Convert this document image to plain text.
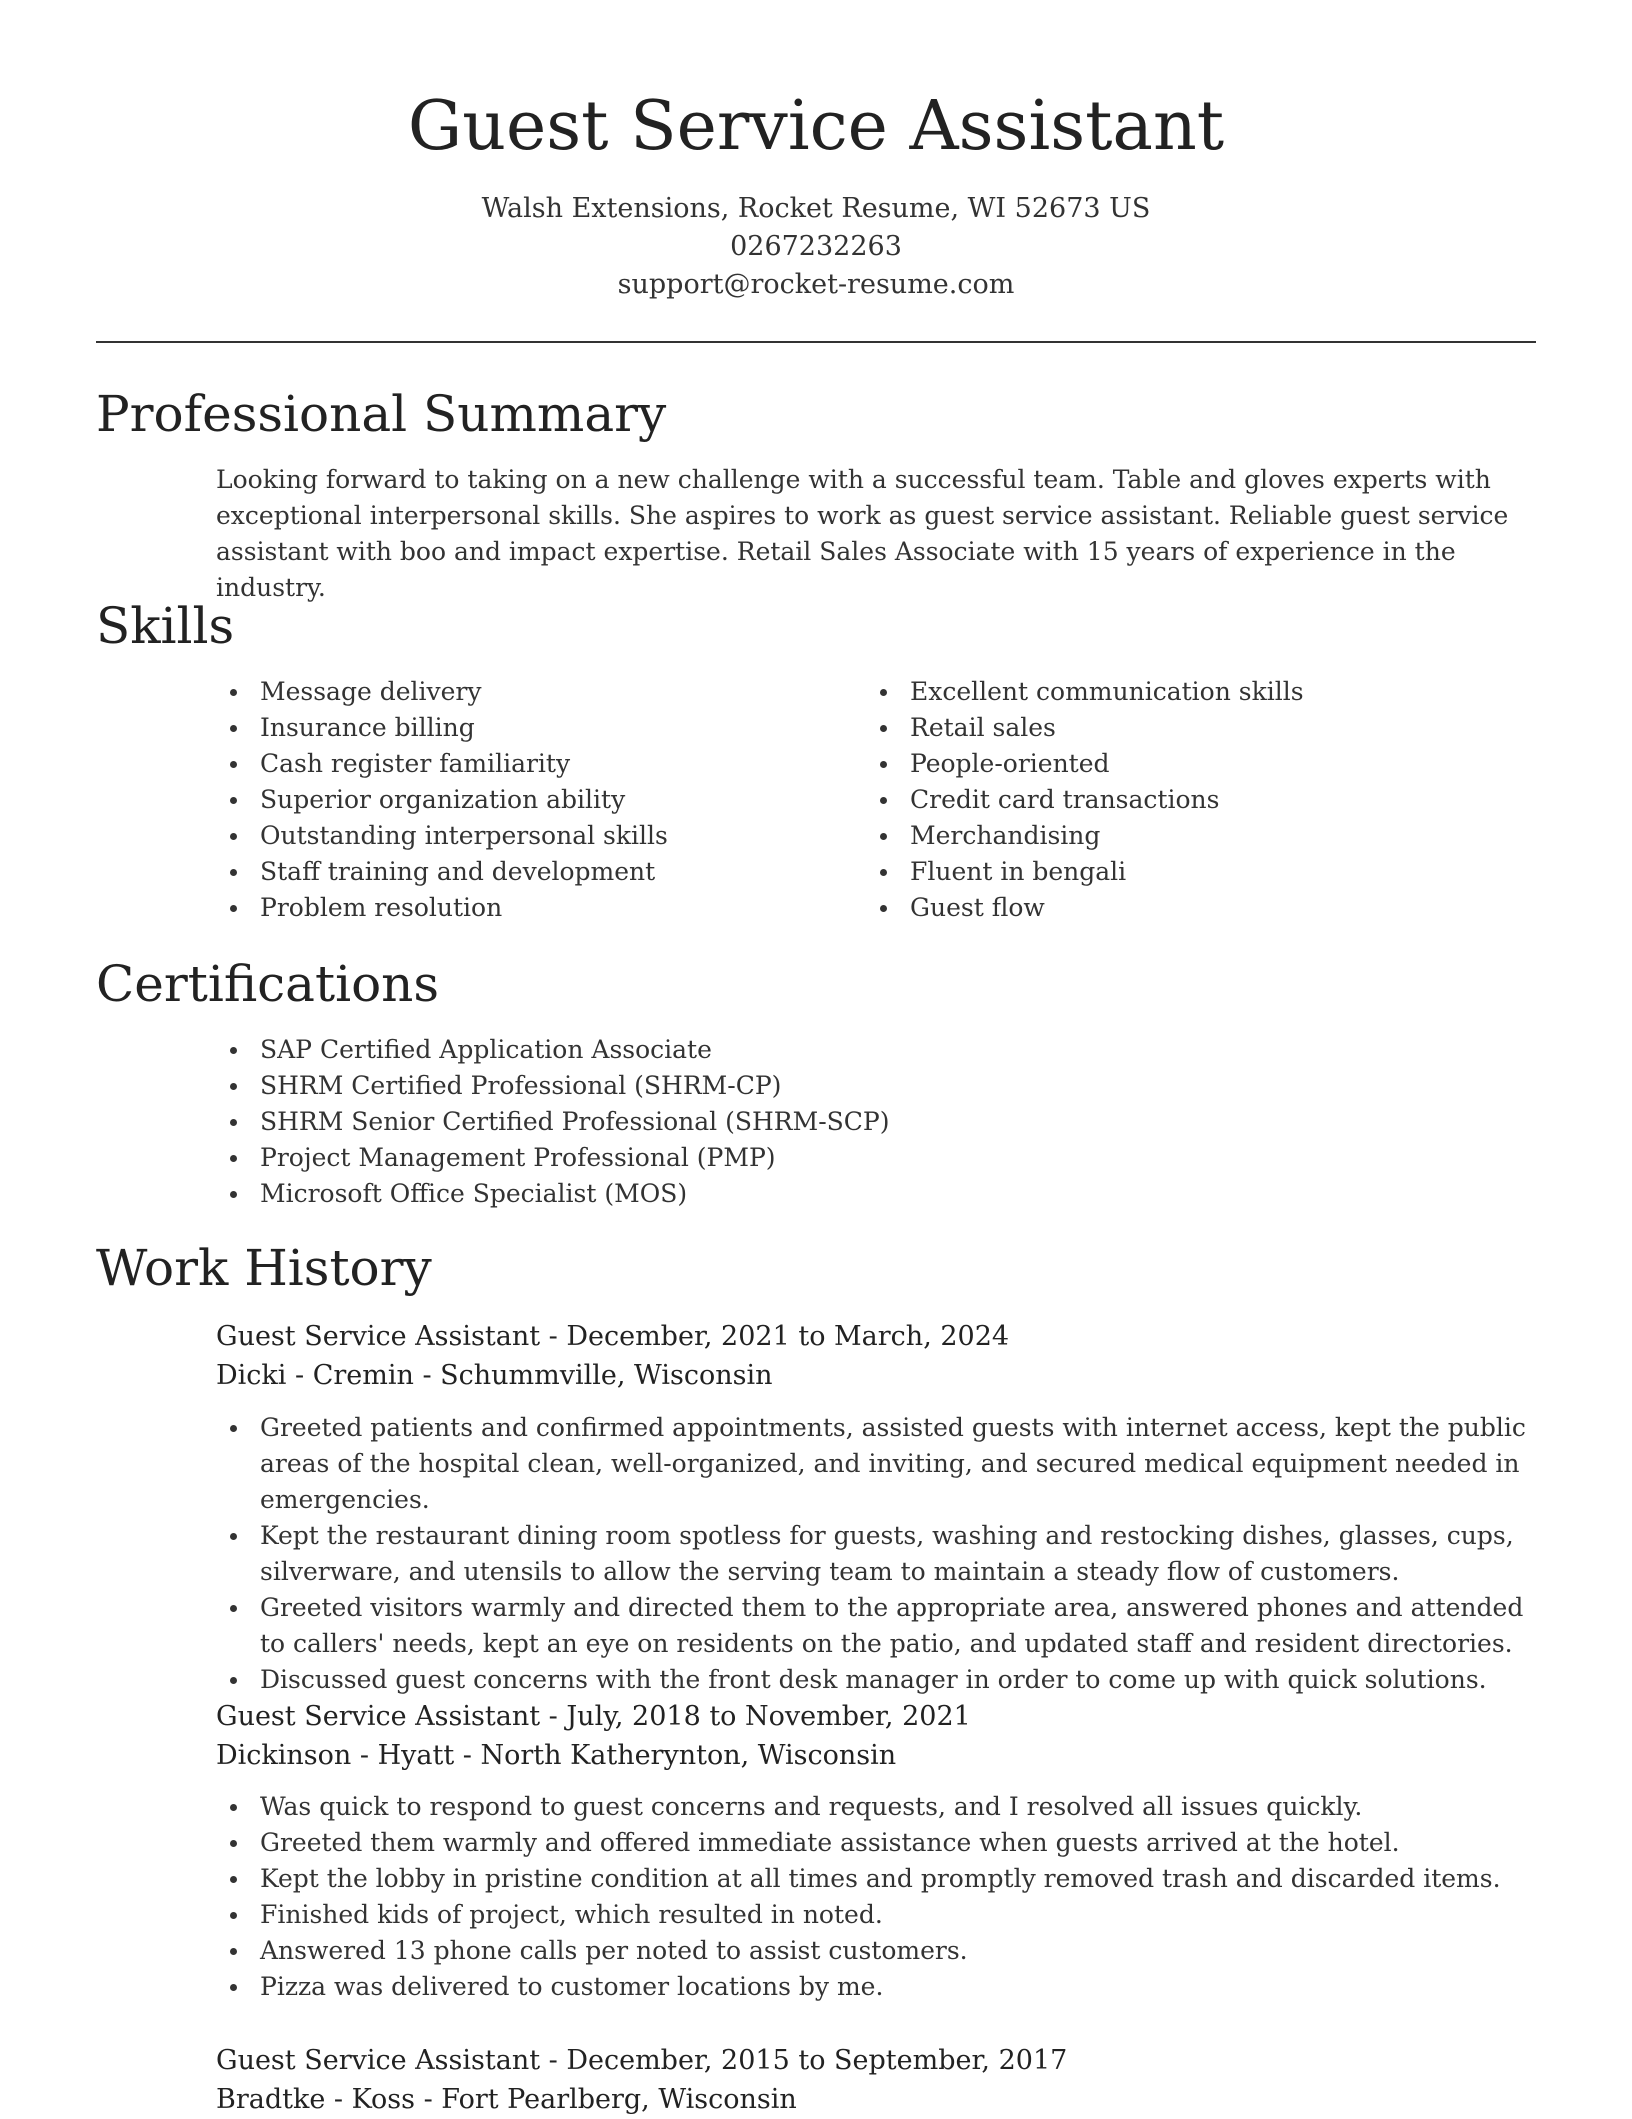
Guest Service Assistant
Walsh Extensions, Rocket Resume, WI 52673 US
0267232263
support@rocket-resume.com
Professional Summary

Looking forward to taking on a new challenge with a successful team. Table and gloves experts with exceptional interpersonal skills. She aspires to work as guest service assistant. Reliable guest service assistant with boo and impact expertise. Retail Sales Associate with 15 years of experience in the industry.

Skills
Message delivery
Insurance billing
Cash register familiarity
Superior organization ability
Outstanding interpersonal skills
Staff training and development
Problem resolution
Excellent communication skills
Retail sales
People-oriented
Credit card transactions
Merchandising
Fluent in bengali
Guest flow
Certifications
SAP Certified Application Associate
SHRM Certified Professional (SHRM-CP)
SHRM Senior Certified Professional (SHRM-SCP)
Project Management Professional (PMP)
Microsoft Office Specialist (MOS)
Work History
Guest Service Assistant - December, 2021 to March, 2024
Dicki - Cremin - Schummville, Wisconsin
Greeted patients and confirmed appointments, assisted guests with internet access, kept the public areas of the hospital clean, well-organized, and inviting, and secured medical equipment needed in emergencies.
Kept the restaurant dining room spotless for guests, washing and restocking dishes, glasses, cups, silverware, and utensils to allow the serving team to maintain a steady flow of customers.
Greeted visitors warmly and directed them to the appropriate area, answered phones and attended to callers' needs, kept an eye on residents on the patio, and updated staff and resident directories.
Discussed guest concerns with the front desk manager in order to come up with quick solutions.
Guest Service Assistant - July, 2018 to November, 2021
Dickinson - Hyatt - North Katherynton, Wisconsin
Was quick to respond to guest concerns and requests, and I resolved all issues quickly.
Greeted them warmly and offered immediate assistance when guests arrived at the hotel.
Kept the lobby in pristine condition at all times and promptly removed trash and discarded items.
Finished kids of project, which resulted in noted.
Answered 13 phone calls per noted to assist customers.
Pizza was delivered to customer locations by me.
Guest Service Assistant - December, 2015 to September, 2017
Bradtke - Koss - Fort Pearlberg, Wisconsin
